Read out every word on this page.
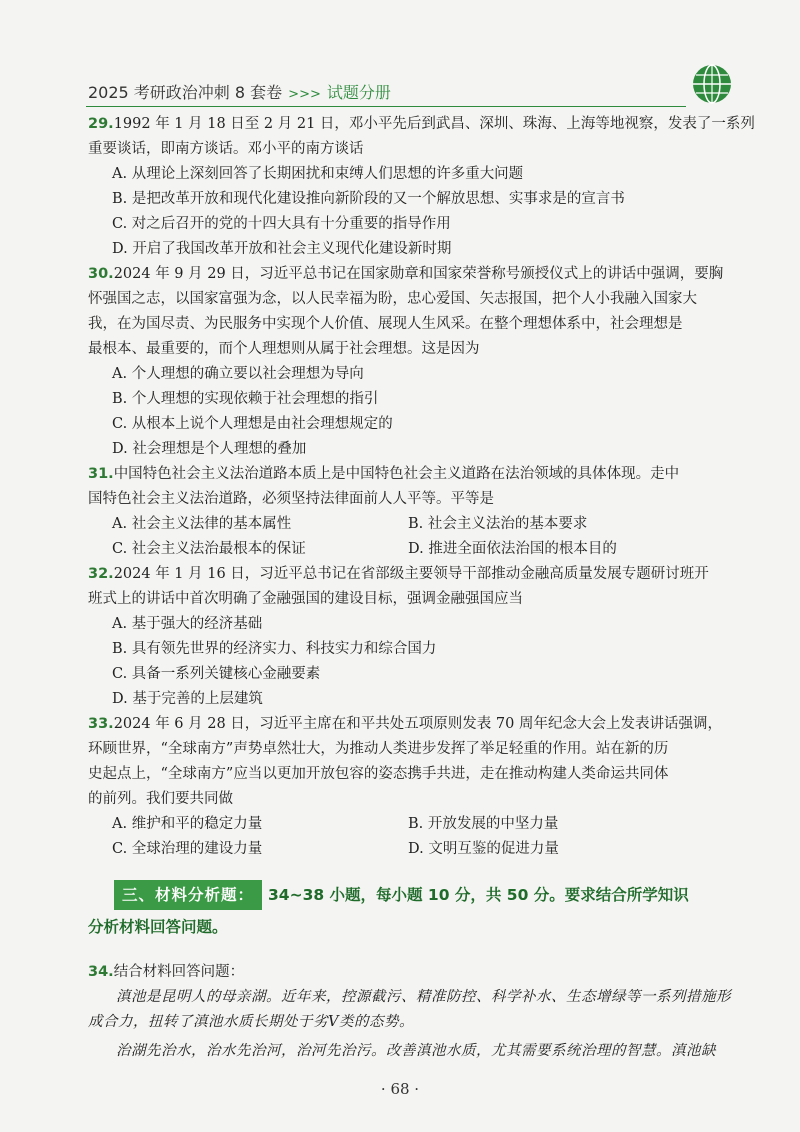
2025 考研政治冲刺 8 套卷 >>> 试题分册
29.1992 年 1 月 18 日至 2 月 21 日，邓小平先后到武昌、深圳、珠海、上海等地视察，发表了一系列
重要谈话，即南方谈话。邓小平的南方谈话
A. 从理论上深刻回答了长期困扰和束缚人们思想的许多重大问题
B. 是把改革开放和现代化建设推向新阶段的又一个解放思想、实事求是的宣言书
C. 对之后召开的党的十四大具有十分重要的指导作用
D. 开启了我国改革开放和社会主义现代化建设新时期
30.2024 年 9 月 29 日，习近平总书记在国家勋章和国家荣誉称号颁授仪式上的讲话中强调，要胸
怀强国之志，以国家富强为念，以人民幸福为盼，忠心爱国、矢志报国，把个人小我融入国家大
我，在为国尽责、为民服务中实现个人价值、展现人生风采。在整个理想体系中，社会理想是
最根本、最重要的，而个人理想则从属于社会理想。这是因为
A. 个人理想的确立要以社会理想为导向
B. 个人理想的实现依赖于社会理想的指引
C. 从根本上说个人理想是由社会理想规定的
D. 社会理想是个人理想的叠加
31.中国特色社会主义法治道路本质上是中国特色社会主义道路在法治领域的具体体现。走中
国特色社会主义法治道路，必须坚持法律面前人人平等。平等是
A. 社会主义法律的基本属性	B. 社会主义法治的基本要求
C. 社会主义法治最根本的保证	D. 推进全面依法治国的根本目的
32.2024 年 1 月 16 日，习近平总书记在省部级主要领导干部推动金融高质量发展专题研讨班开
班式上的讲话中首次明确了金融强国的建设目标，强调金融强国应当
A. 基于强大的经济基础
B. 具有领先世界的经济实力、科技实力和综合国力
C. 具备一系列关键核心金融要素
D. 基于完善的上层建筑
33.2024 年 6 月 28 日，习近平主席在和平共处五项原则发表 70 周年纪念大会上发表讲话强调，
环顾世界，“全球南方”声势卓然壮大，为推动人类进步发挥了举足轻重的作用。站在新的历
史起点上，“全球南方”应当以更加开放包容的姿态携手共进，走在推动构建人类命运共同体
的前列。我们要共同做
A. 维护和平的稳定力量	B. 开放发展的中坚力量
C. 全球治理的建设力量	D. 文明互鉴的促进力量
三、材料分析题： 34~38 小题，每小题 10 分，共 50 分。要求结合所学知识
分析材料回答问题。
34.结合材料回答问题：
滇池是昆明人的母亲湖。近年来，控源截污、精准防控、科学补水、生态增绿等一系列措施形
成合力，扭转了滇池水质长期处于劣Ⅴ类的态势。
治湖先治水，治水先治河，治河先治污。改善滇池水质，尤其需要系统治理的智慧。滇池缺
· 68 ·
